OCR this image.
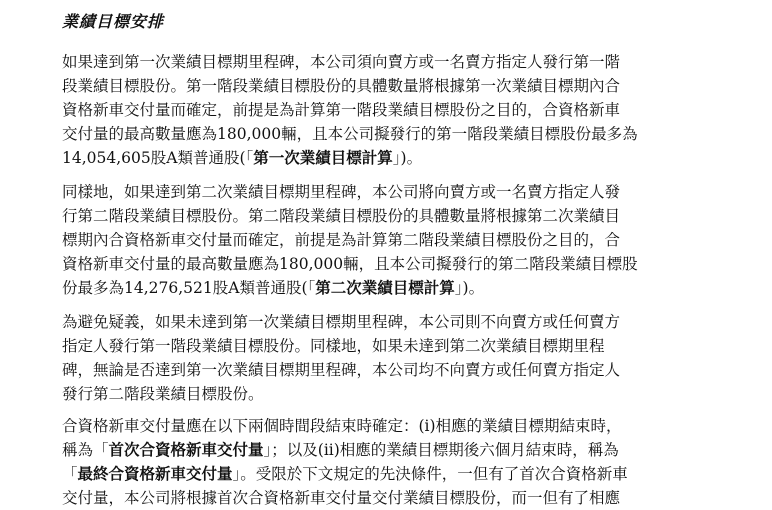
業績目標安排
如果達到第一次業績目標期里程碑，本公司須向賣方或一名賣方指定人發行第一階
段業績目標股份。第一階段業績目標股份的具體數量將根據第一次業績目標期內合
資格新車交付量而確定，前提是為計算第一階段業績目標股份之目的，合資格新車
交付量的最高數量應為180,000輛，且本公司擬發行的第一階段業績目標股份最多為
14,054,605股A類普通股(「第一次業績目標計算」)。
同樣地，如果達到第二次業績目標期里程碑，本公司將向賣方或一名賣方指定人發
行第二階段業績目標股份。第二階段業績目標股份的具體數量將根據第二次業績目
標期內合資格新車交付量而確定，前提是為計算第二階段業績目標股份之目的，合
資格新車交付量的最高數量應為180,000輛，且本公司擬發行的第二階段業績目標股
份最多為14,276,521股A類普通股(「第二次業績目標計算」)。
為避免疑義，如果未達到第一次業績目標期里程碑，本公司則不向賣方或任何賣方
指定人發行第一階段業績目標股份。同樣地，如果未達到第二次業績目標期里程
碑，無論是否達到第一次業績目標期里程碑，本公司均不向賣方或任何賣方指定人
發行第二階段業績目標股份。
合資格新車交付量應在以下兩個時間段結束時確定：(i)相應的業績目標期結束時，
稱為「首次合資格新車交付量」；以及(ii)相應的業績目標期後六個月結束時，稱為
「最終合資格新車交付量」。受限於下文規定的先決條件，一但有了首次合資格新車
交付量，本公司將根據首次合資格新車交付量交付業績目標股份，而一但有了相應
